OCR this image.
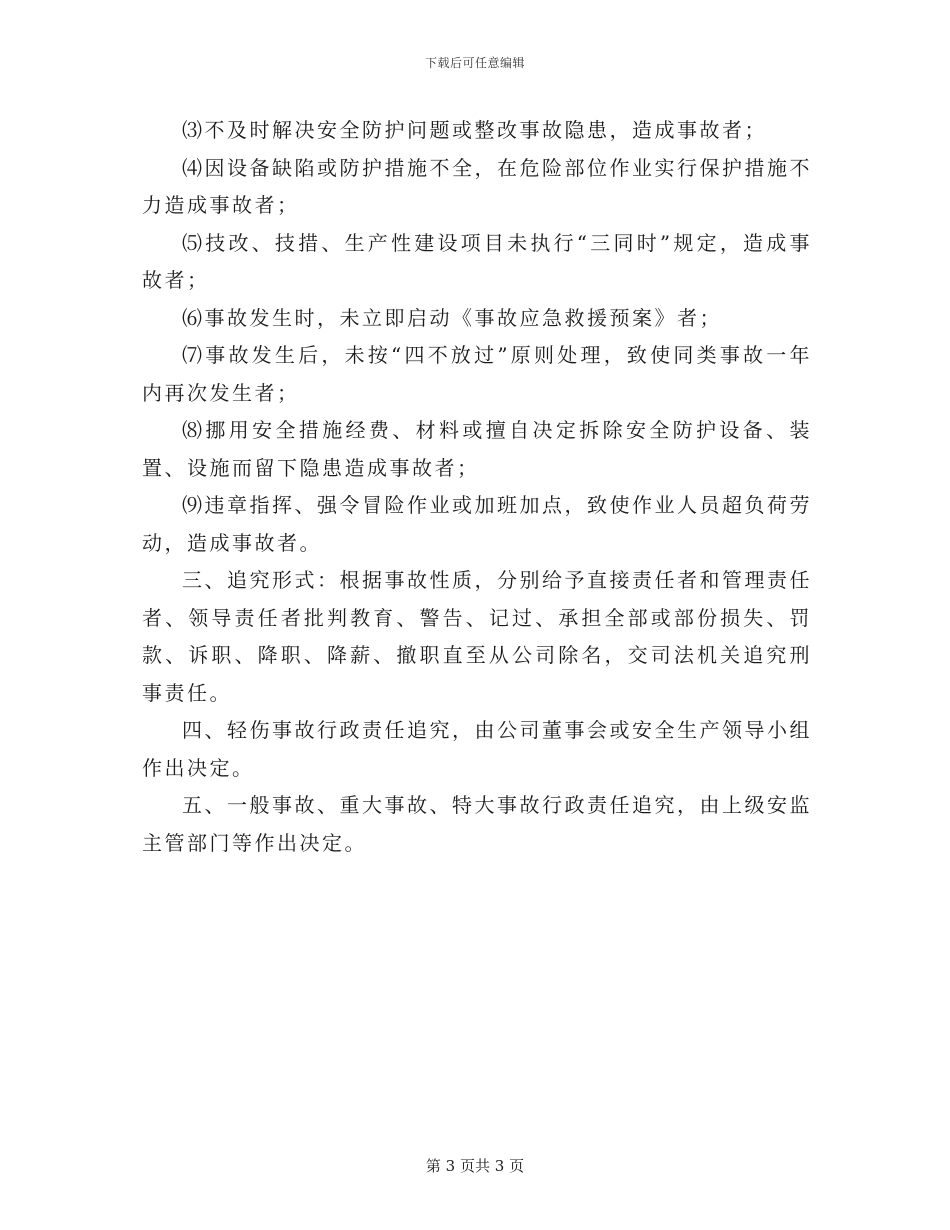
下载后可任意编辑

⑶不及时解决安全防护问题或整改事故隐患，造成事故者；

⑷因设备缺陷或防护措施不全，在危险部位作业实行保护措施不力造成事故者；

⑸技改、技措、生产性建设项目未执行“三同时”规定，造成事故者；

⑹事故发生时，未立即启动《事故应急救援预案》者；

⑺事故发生后，未按“四不放过”原则处理，致使同类事故一年内再次发生者；

⑻挪用安全措施经费、材料或擅自决定拆除安全防护设备、装置、设施而留下隐患造成事故者；

⑼违章指挥、强令冒险作业或加班加点，致使作业人员超负荷劳动，造成事故者。

三、追究形式：根据事故性质，分别给予直接责任者和管理责任者、领导责任者批判教育、警告、记过、承担全部或部份损失、罚款、诉职、降职、降薪、撤职直至从公司除名，交司法机关追究刑事责任。

四、轻伤事故行政责任追究，由公司董事会或安全生产领导小组作出决定。

五、一般事故、重大事故、特大事故行政责任追究，由上级安监主管部门等作出决定。

第 3 页共 3 页
